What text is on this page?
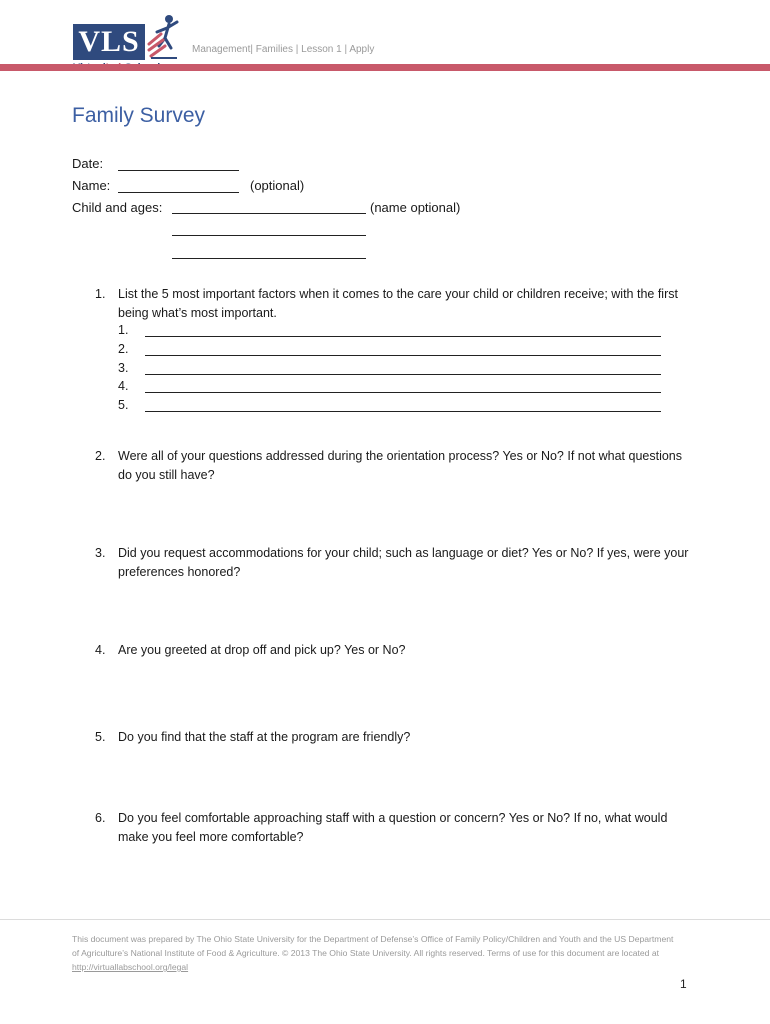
VLS	Management| Families | Lesson 1 | Apply
Family Survey
Date:
Name:	(optional)
Child and ages:	(name optional)
1. List the 5 most important factors when it comes to the care your child or children receive; with the first being what’s most important.
1.
2.
3.
4.
5.
2. Were all of your questions addressed during the orientation process? Yes or No? If not what questions do you still have?
3. Did you request accommodations for your child; such as language or diet? Yes or No? If yes, were your preferences honored?
4. Are you greeted at drop off and pick up? Yes or No?
5. Do you find that the staff at the program are friendly?
6. Do you feel comfortable approaching staff with a question or concern? Yes or No? If no, what would make you feel more comfortable?
This document was prepared by The Ohio State University for the Department of Defense’s Office of Family Policy/Children and Youth and the US Department of Agriculture’s National Institute of Food & Agriculture. © 2013 The Ohio State University. All rights reserved. Terms of use for this document are located at http://virtuallabschool.org/legal
1
